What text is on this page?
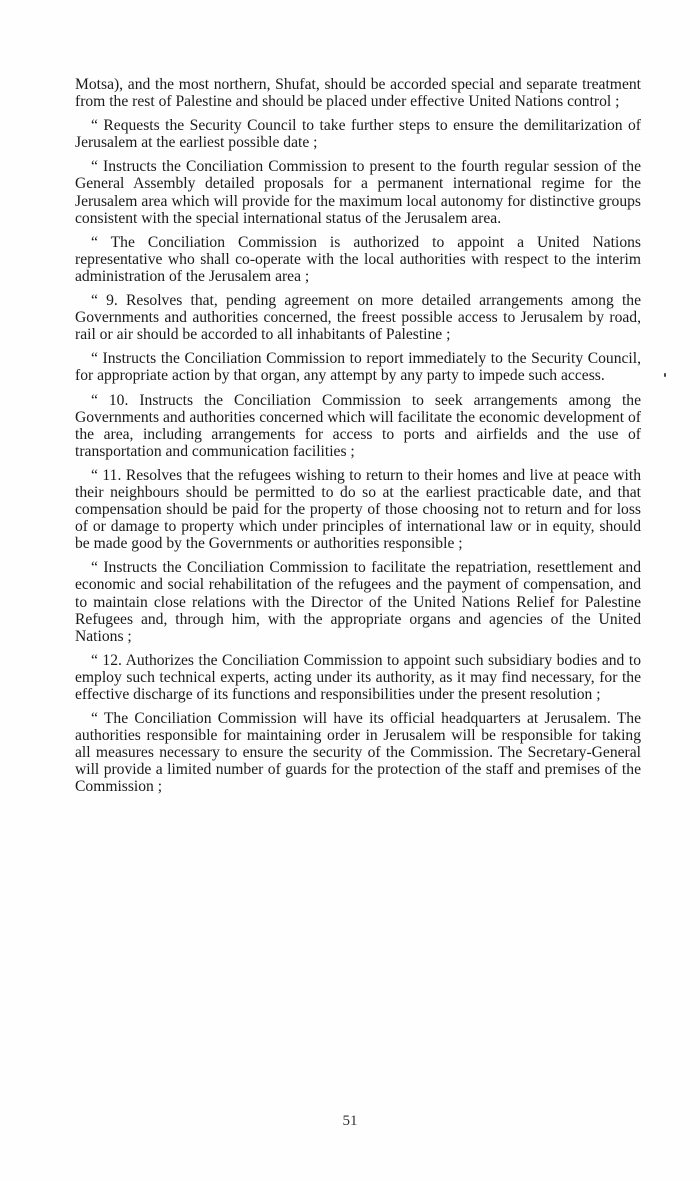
Motsa), and the most northern, Shufat, should be accorded special and separate treatment from the rest of Palestine and should be placed under effective United Nations control ;

“ Requests the Security Council to take further steps to ensure the demilitarization of Jerusalem at the earliest possible date ;

“ Instructs the Conciliation Commission to present to the fourth regular session of the General Assembly detailed proposals for a permanent international regime for the Jerusalem area which will provide for the maximum local autonomy for distinctive groups consistent with the special international status of the Jerusalem area.

“ The Conciliation Commission is authorized to appoint a United Nations representative who shall co-operate with the local authorities with respect to the interim administration of the Jerusalem area ;

“ 9. Resolves that, pending agreement on more detailed arrangements among the Governments and authorities concerned, the freest possible access to Jerusalem by road, rail or air should be accorded to all inhabitants of Palestine ;

“ Instructs the Conciliation Commission to report immediately to the Security Council, for appropriate action by that organ, any attempt by any party to impede such access.

“ 10. Instructs the Conciliation Commission to seek arrangements among the Governments and authorities concerned which will facilitate the economic development of the area, including arrangements for access to ports and airfields and the use of transportation and communication facilities ;

“ 11. Resolves that the refugees wishing to return to their homes and live at peace with their neighbours should be permitted to do so at the earliest practicable date, and that compensation should be paid for the property of those choosing not to return and for loss of or damage to property which under principles of international law or in equity, should be made good by the Governments or authorities responsible ;

“ Instructs the Conciliation Commission to facilitate the repatriation, resettlement and economic and social rehabilitation of the refugees and the payment of compensation, and to maintain close relations with the Director of the United Nations Relief for Palestine Refugees and, through him, with the appropriate organs and agencies of the United Nations ;

“ 12. Authorizes the Conciliation Commission to appoint such subsidiary bodies and to employ such technical experts, acting under its authority, as it may find necessary, for the effective discharge of its functions and responsibilities under the present resolution ;

“ The Conciliation Commission will have its official headquarters at Jerusalem. The authorities responsible for maintaining order in Jerusalem will be responsible for taking all measures necessary to ensure the security of the Commission. The Secretary-General will provide a limited number of guards for the protection of the staff and premises of the Commission ;

51
